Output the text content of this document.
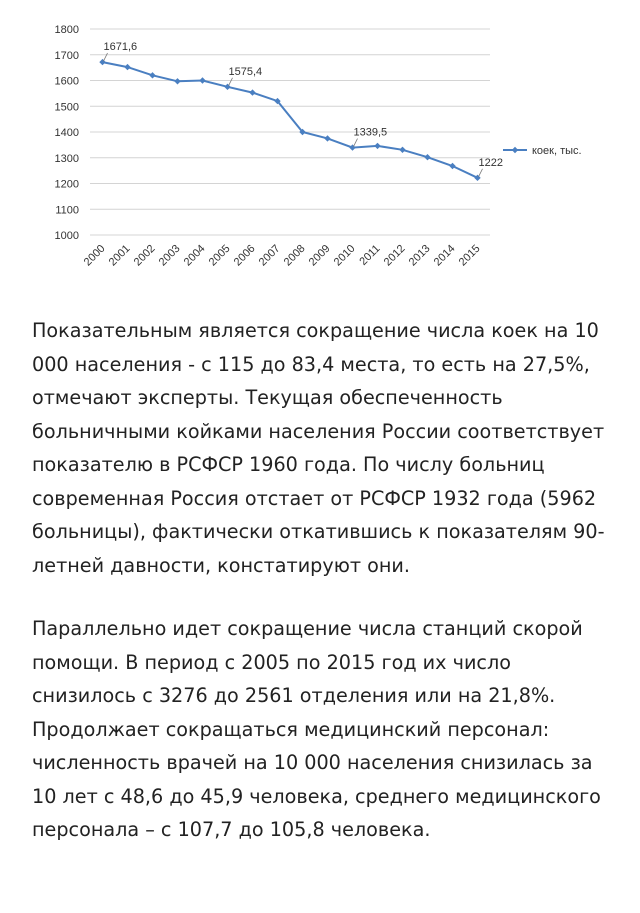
1000
1100
1200
1300
1400
1500
1600
1700
1800
2000 2001 2002 2003 2004 2005 2006 2007 2008 2009 2010 2011 2012 2013 2014 2015
1671,6
1575,4
1339,5
1222
коек, тыс.

Показательным является сокращение числа коек на 10 000 населения - с 115 до 83,4 места, то есть на 27,5%, отмечают эксперты. Текущая обеспеченность больничными койками населения России соответствует показателю в РСФСР 1960 года. По числу больниц современная Россия отстает от РСФСР 1932 года (5962 больницы), фактически откатившись к показателям 90-летней давности, констатируют они.

Параллельно идет сокращение числа станций скорой помощи. В период с 2005 по 2015 год их число снизилось с 3276 до 2561 отделения или на 21,8%. Продолжает сокращаться медицинский персонал: численность врачей на 10 000 населения снизилась за 10 лет с 48,6 до 45,9 человека, среднего медицинского персонала – с 107,7 до 105,8 человека.
